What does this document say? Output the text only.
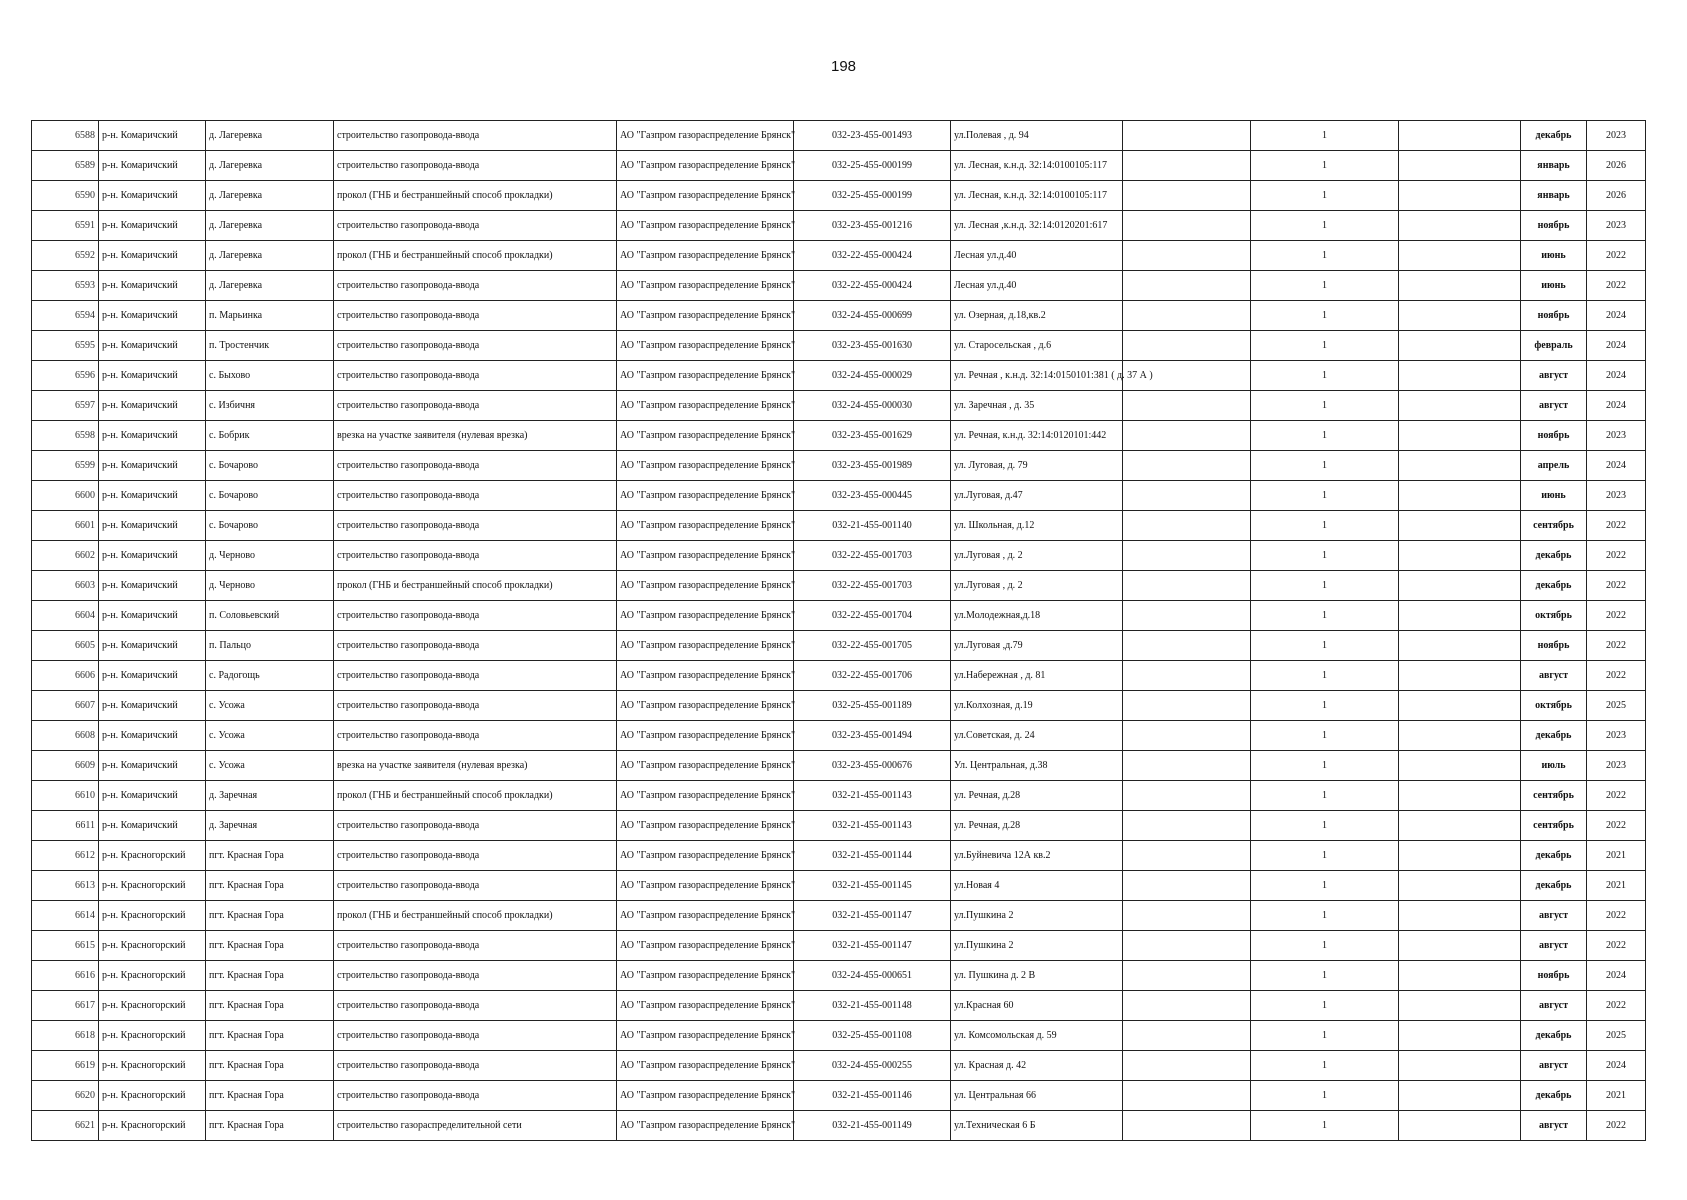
198
6588	р-н. Комаричский	д. Лагеревка	строительство газопровода-ввода	АО "Газпром газораспределение Брянск"	032-23-455-001493	ул.Полевая , д. 94		1		декабрь	2023
6589	р-н. Комаричский	д. Лагеревка	строительство газопровода-ввода	АО "Газпром газораспределение Брянск"	032-25-455-000199	ул. Лесная, к.н.д. 32:14:0100105:117		1		январь	2026
6590	р-н. Комаричский	д. Лагеревка	прокол (ГНБ и бестраншейный способ прокладки)	АО "Газпром газораспределение Брянск"	032-25-455-000199	ул. Лесная, к.н.д. 32:14:0100105:117		1		январь	2026
6591	р-н. Комаричский	д. Лагеревка	строительство газопровода-ввода	АО "Газпром газораспределение Брянск"	032-23-455-001216	ул. Лесная ,к.н.д. 32:14:0120201:617		1		ноябрь	2023
6592	р-н. Комаричский	д. Лагеревка	прокол (ГНБ и бестраншейный способ прокладки)	АО "Газпром газораспределение Брянск"	032-22-455-000424	Лесная ул.д.40		1		июнь	2022
6593	р-н. Комаричский	д. Лагеревка	строительство газопровода-ввода	АО "Газпром газораспределение Брянск"	032-22-455-000424	Лесная ул.д.40		1		июнь	2022
6594	р-н. Комаричский	п. Марьинка	строительство газопровода-ввода	АО "Газпром газораспределение Брянск"	032-24-455-000699	ул. Озерная, д.18,кв.2		1		ноябрь	2024
6595	р-н. Комаричский	п. Тростенчик	строительство газопровода-ввода	АО "Газпром газораспределение Брянск"	032-23-455-001630	ул. Старосельская , д.6		1		февраль	2024
6596	р-н. Комаричский	с. Быхово	строительство газопровода-ввода	АО "Газпром газораспределение Брянск"	032-24-455-000029	ул. Речная , к.н.д. 32:14:0150101:381 ( д. 37 А )		1		август	2024
6597	р-н. Комаричский	с. Избичня	строительство газопровода-ввода	АО "Газпром газораспределение Брянск"	032-24-455-000030	ул. Заречная , д. 35		1		август	2024
6598	р-н. Комаричский	с. Бобрик	врезка на участке заявителя (нулевая врезка)	АО "Газпром газораспределение Брянск"	032-23-455-001629	ул. Речная, к.н.д. 32:14:0120101:442		1		ноябрь	2023
6599	р-н. Комаричский	с. Бочарово	строительство газопровода-ввода	АО "Газпром газораспределение Брянск"	032-23-455-001989	ул. Луговая, д. 79		1		апрель	2024
6600	р-н. Комаричский	с. Бочарово	строительство газопровода-ввода	АО "Газпром газораспределение Брянск"	032-23-455-000445	ул.Луговая, д.47		1		июнь	2023
6601	р-н. Комаричский	с. Бочарово	строительство газопровода-ввода	АО "Газпром газораспределение Брянск"	032-21-455-001140	ул. Школьная, д.12		1		сентябрь	2022
6602	р-н. Комаричский	д. Черново	строительство газопровода-ввода	АО "Газпром газораспределение Брянск"	032-22-455-001703	ул.Луговая , д. 2		1		декабрь	2022
6603	р-н. Комаричский	д. Черново	прокол (ГНБ и бестраншейный способ прокладки)	АО "Газпром газораспределение Брянск"	032-22-455-001703	ул.Луговая , д. 2		1		декабрь	2022
6604	р-н. Комаричский	п. Соловьевский	строительство газопровода-ввода	АО "Газпром газораспределение Брянск"	032-22-455-001704	ул.Молодежная,д.18		1		октябрь	2022
6605	р-н. Комаричский	п. Пальцо	строительство газопровода-ввода	АО "Газпром газораспределение Брянск"	032-22-455-001705	ул.Луговая ,д.79		1		ноябрь	2022
6606	р-н. Комаричский	с. Радогощь	строительство газопровода-ввода	АО "Газпром газораспределение Брянск"	032-22-455-001706	ул.Набережная , д. 81		1		август	2022
6607	р-н. Комаричский	с. Усожа	строительство газопровода-ввода	АО "Газпром газораспределение Брянск"	032-25-455-001189	ул.Колхозная, д.19		1		октябрь	2025
6608	р-н. Комаричский	с. Усожа	строительство газопровода-ввода	АО "Газпром газораспределение Брянск"	032-23-455-001494	ул.Советская, д. 24		1		декабрь	2023
6609	р-н. Комаричский	с. Усожа	врезка на участке заявителя (нулевая врезка)	АО "Газпром газораспределение Брянск"	032-23-455-000676	Ул. Центральная, д.38		1		июль	2023
6610	р-н. Комаричский	д. Заречная	прокол (ГНБ и бестраншейный способ прокладки)	АО "Газпром газораспределение Брянск"	032-21-455-001143	ул. Речная, д.28		1		сентябрь	2022
6611	р-н. Комаричский	д. Заречная	строительство газопровода-ввода	АО "Газпром газораспределение Брянск"	032-21-455-001143	ул. Речная, д.28		1		сентябрь	2022
6612	р-н. Красногорский	пгт. Красная Гора	строительство газопровода-ввода	АО "Газпром газораспределение Брянск"	032-21-455-001144	ул.Буйневича 12А кв.2		1		декабрь	2021
6613	р-н. Красногорский	пгт. Красная Гора	строительство газопровода-ввода	АО "Газпром газораспределение Брянск"	032-21-455-001145	ул.Новая 4		1		декабрь	2021
6614	р-н. Красногорский	пгт. Красная Гора	прокол (ГНБ и бестраншейный способ прокладки)	АО "Газпром газораспределение Брянск"	032-21-455-001147	ул.Пушкина 2		1		август	2022
6615	р-н. Красногорский	пгт. Красная Гора	строительство газопровода-ввода	АО "Газпром газораспределение Брянск"	032-21-455-001147	ул.Пушкина 2		1		август	2022
6616	р-н. Красногорский	пгт. Красная Гора	строительство газопровода-ввода	АО "Газпром газораспределение Брянск"	032-24-455-000651	ул. Пушкина д. 2 В		1		ноябрь	2024
6617	р-н. Красногорский	пгт. Красная Гора	строительство газопровода-ввода	АО "Газпром газораспределение Брянск"	032-21-455-001148	ул.Красная 60		1		август	2022
6618	р-н. Красногорский	пгт. Красная Гора	строительство газопровода-ввода	АО "Газпром газораспределение Брянск"	032-25-455-001108	ул. Комсомольская д. 59		1		декабрь	2025
6619	р-н. Красногорский	пгт. Красная Гора	строительство газопровода-ввода	АО "Газпром газораспределение Брянск"	032-24-455-000255	ул. Красная д. 42		1		август	2024
6620	р-н. Красногорский	пгт. Красная Гора	строительство газопровода-ввода	АО "Газпром газораспределение Брянск"	032-21-455-001146	ул. Центральная 66		1		декабрь	2021
6621	р-н. Красногорский	пгт. Красная Гора	строительство газораспределительной сети	АО "Газпром газораспределение Брянск"	032-21-455-001149	ул.Техническая 6 Б		1		август	2022
